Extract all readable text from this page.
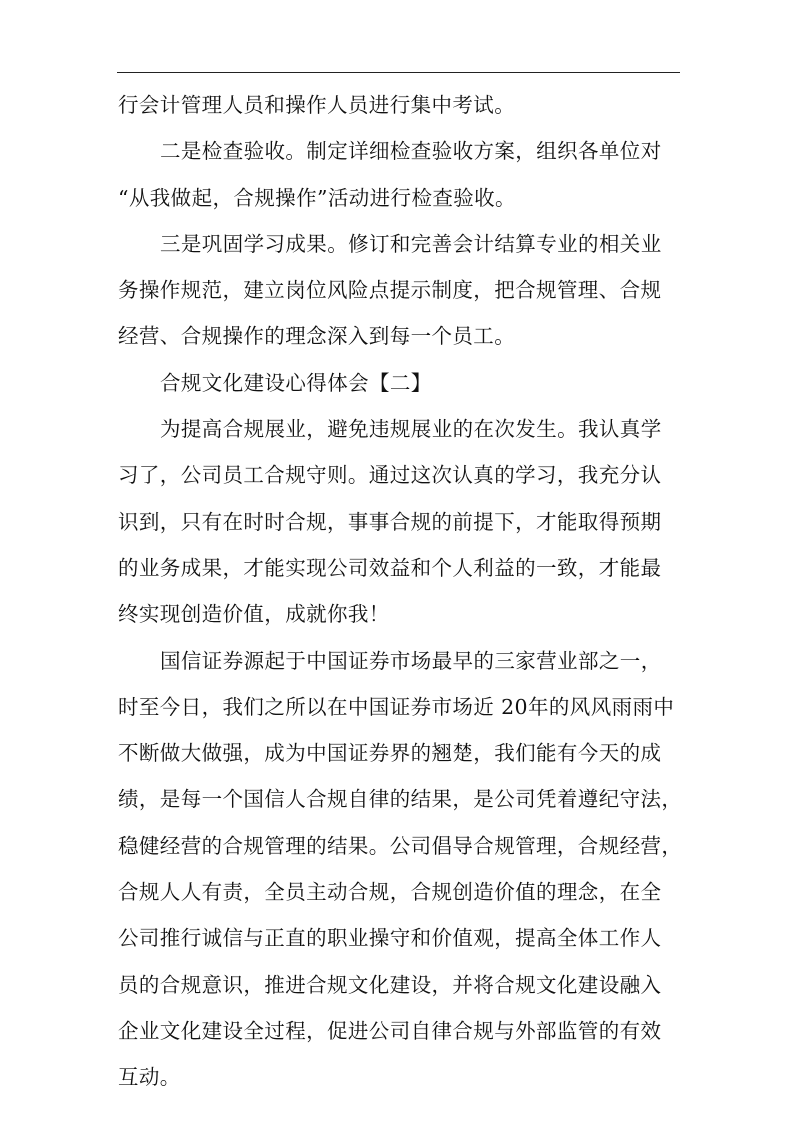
行会计管理人员和操作人员进行集中考试。
二是检查验收。制定详细检查验收方案，组织各单位对
“从我做起，合规操作”活动进行检查验收。
三是巩固学习成果。修订和完善会计结算专业的相关业
务操作规范，建立岗位风险点提示制度，把合规管理、合规
经营、合规操作的理念深入到每一个员工。
合规文化建设心得体会【二】
为提高合规展业，避免违规展业的在次发生。我认真学
习了，公司员工合规守则。通过这次认真的学习，我充分认
识到，只有在时时合规，事事合规的前提下，才能取得预期
的业务成果，才能实现公司效益和个人利益的一致，才能最
终实现创造价值，成就你我！
国信证券源起于中国证券市场最早的三家营业部之一，
时至今日，我们之所以在中国证券市场近 20年的风风雨雨中
不断做大做强，成为中国证券界的翘楚，我们能有今天的成
绩，是每一个国信人合规自律的结果，是公司凭着遵纪守法，
稳健经营的合规管理的结果。公司倡导合规管理，合规经营，
合规人人有责，全员主动合规，合规创造价值的理念，在全
公司推行诚信与正直的职业操守和价值观，提高全体工作人
员的合规意识，推进合规文化建设，并将合规文化建设融入
企业文化建设全过程，促进公司自律合规与外部监管的有效
互动。
